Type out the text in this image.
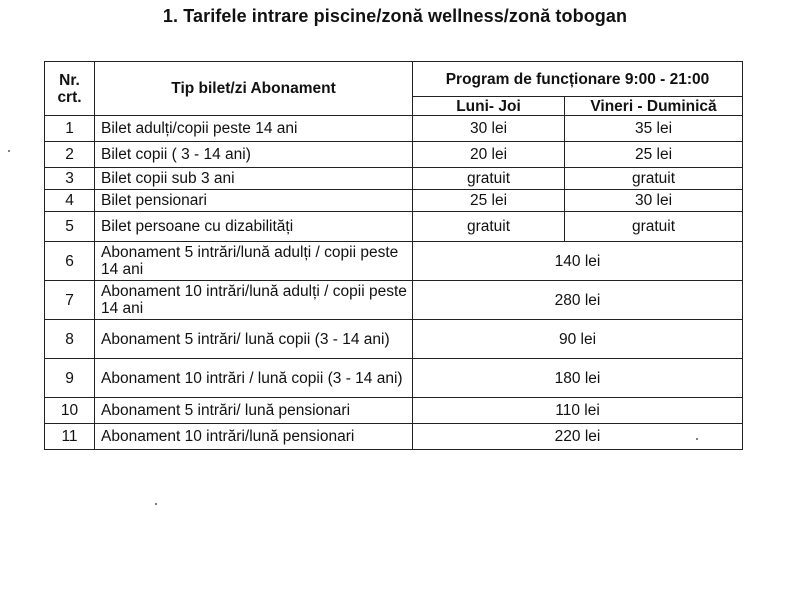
1. Tarifele intrare piscine/zonă wellness/zonă tobogan
Nr. crt.	Tip bilet/zi Abonament	Program de funcționare 9:00 - 21:00	
		Luni- Joi	Vineri - Duminică
1	Bilet adulți/copii peste 14 ani	30 lei	35 lei
2	Bilet copii ( 3 - 14 ani)	20 lei	25 lei
3	Bilet copii sub 3 ani	gratuit	gratuit
4	Bilet pensionari	25 lei	30 lei
5	Bilet persoane cu dizabilități	gratuit	gratuit
6	Abonament 5 intrări/lună adulți / copii peste 14 ani	140 lei	
7	Abonament 10 intrări/lună adulți / copii peste 14 ani	280 lei	
8	Abonament 5 intrări/ lună copii (3 - 14 ani)	90 lei	
9	Abonament 10 intrări / lună copii (3 - 14 ani)	180 lei	
10	Abonament 5 intrări/ lună pensionari	110 lei	
11	Abonament 10 intrări/lună pensionari	220 lei	
